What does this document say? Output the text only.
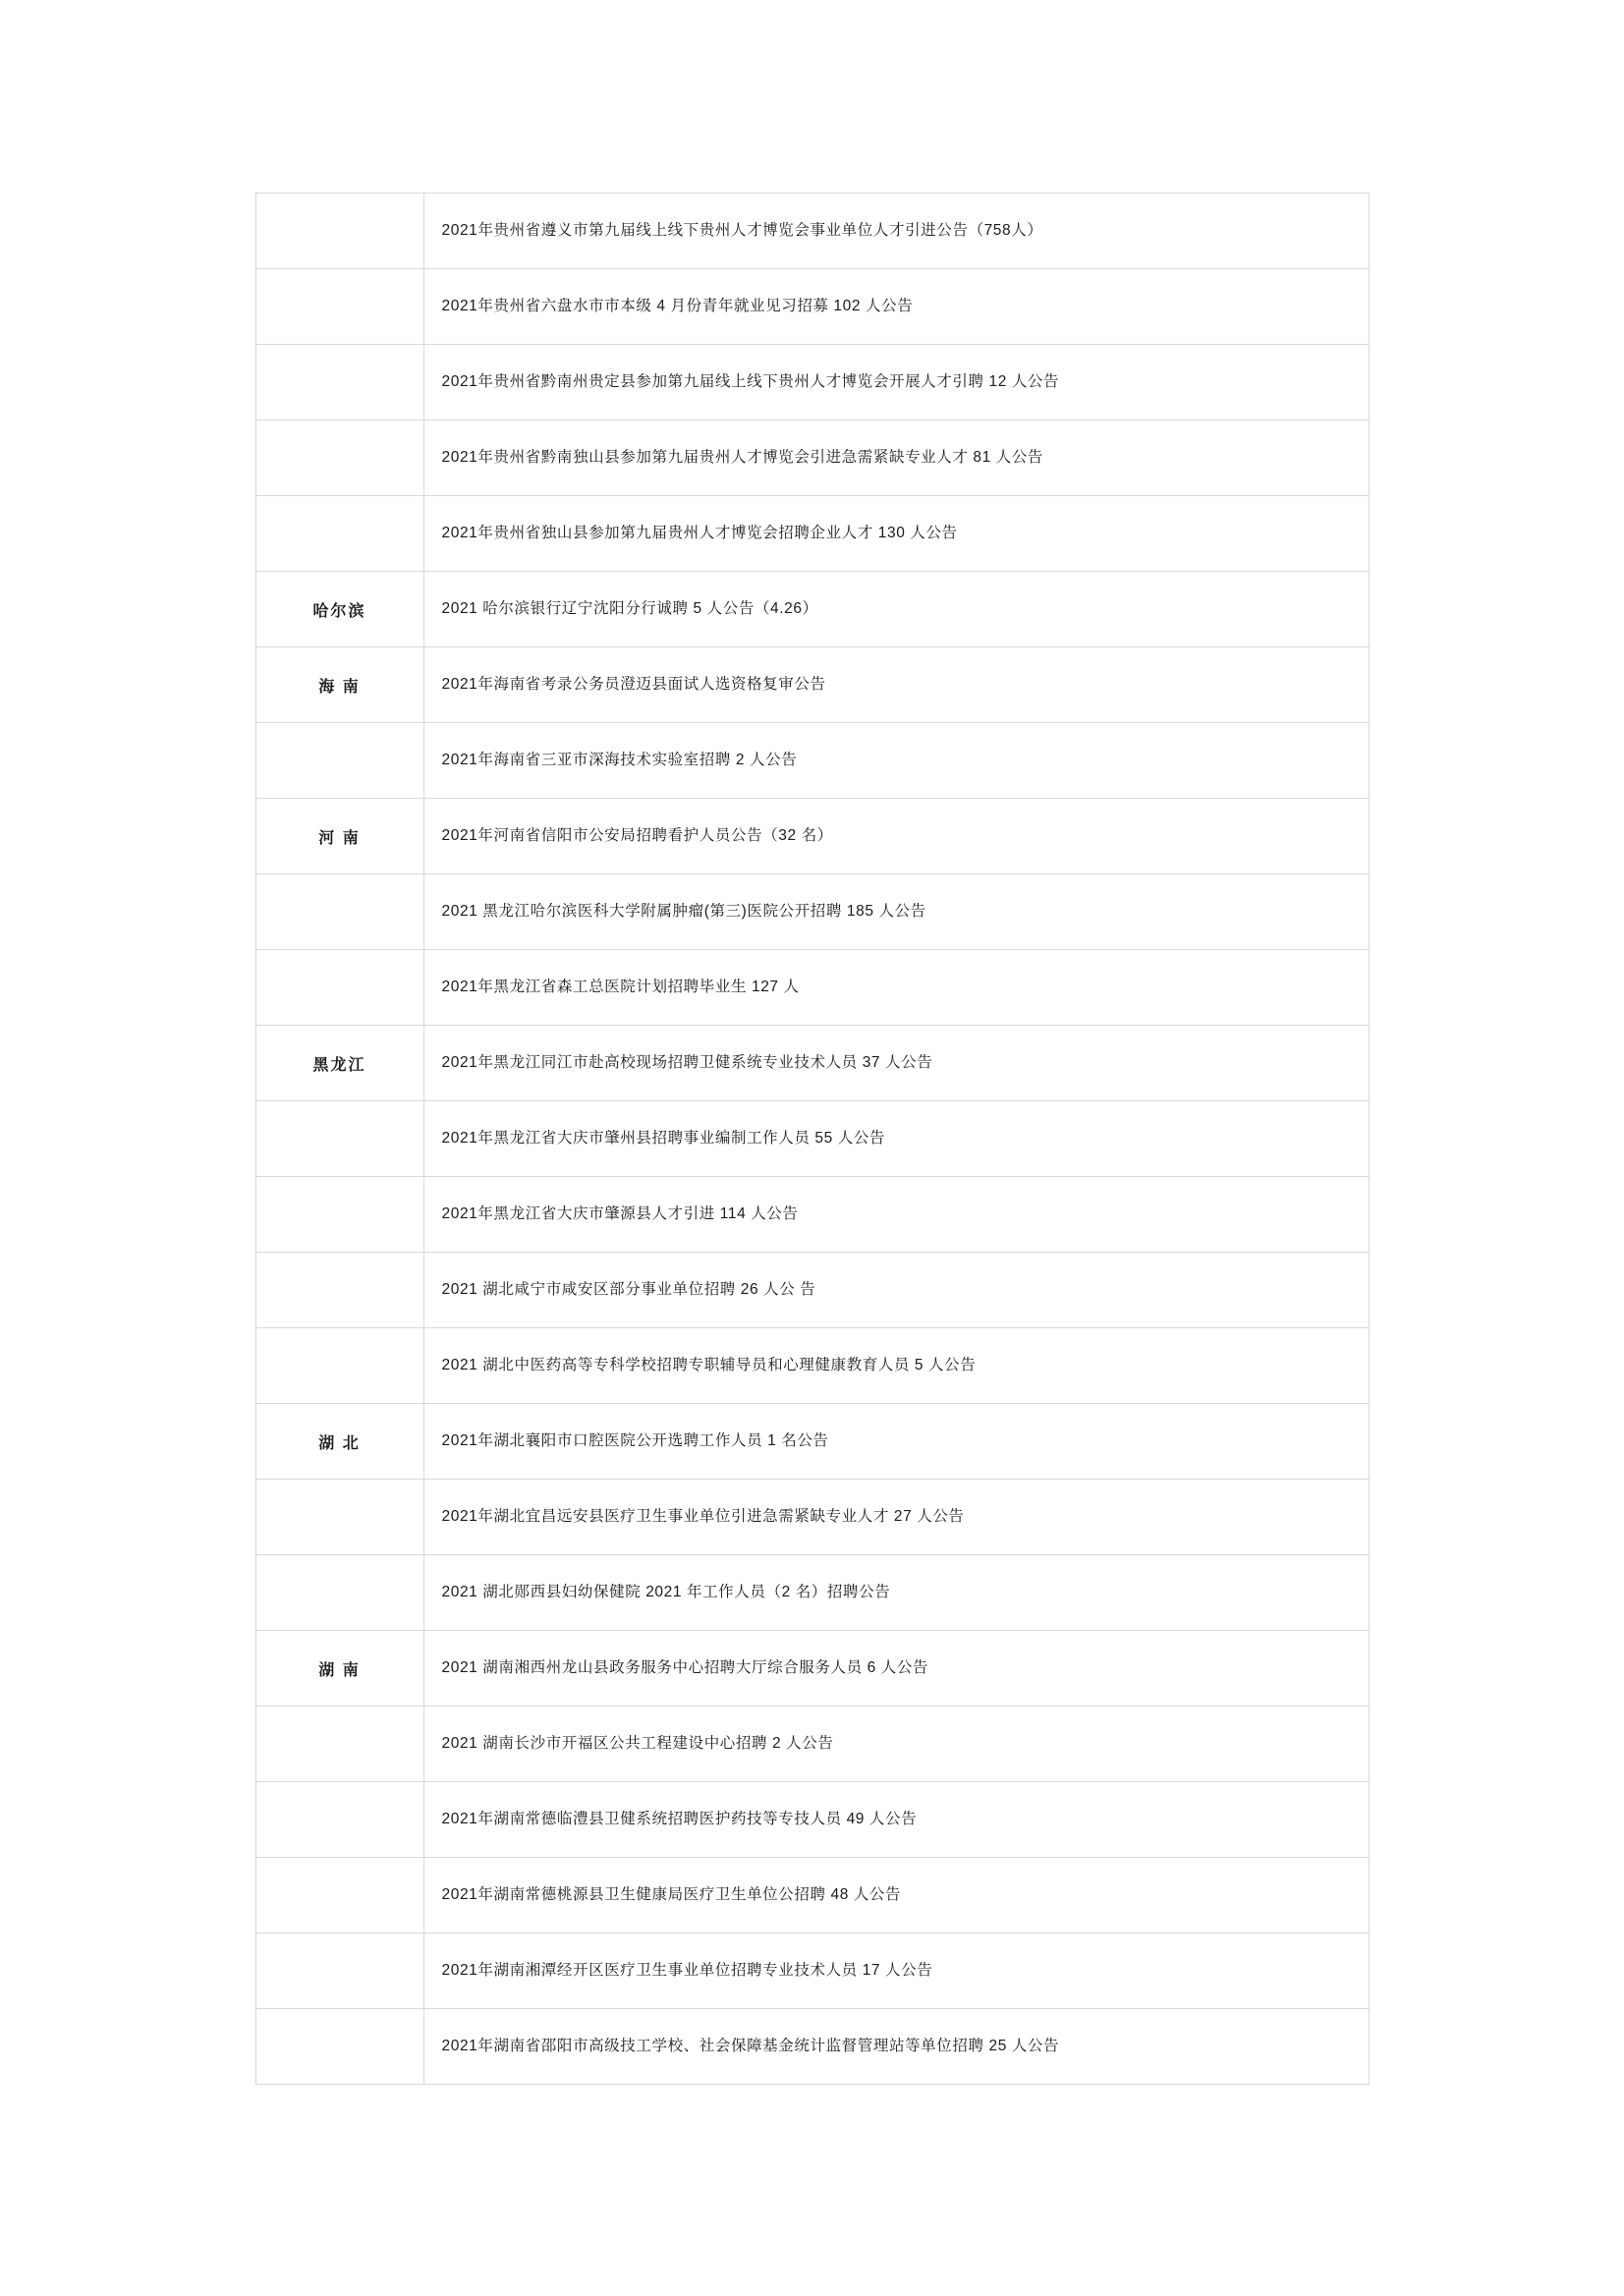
	2021年贵州省遵义市第九届线上线下贵州人才博览会事业单位人才引进公告（758人）

	2021年贵州省六盘水市市本级 4 月份青年就业见习招募 102 人公告

	2021年贵州省黔南州贵定县参加第九届线上线下贵州人才博览会开展人才引聘 12 人公告

	2021年贵州省黔南独山县参加第九届贵州人才博览会引进急需紧缺专业人才 81 人公告

	2021年贵州省独山县参加第九届贵州人才博览会招聘企业人才 130 人公告

哈尔滨	2021 哈尔滨银行辽宁沈阳分行诚聘 5 人公告（4.26）

海 南	2021年海南省考录公务员澄迈县面试人选资格复审公告

	2021年海南省三亚市深海技术实验室招聘 2 人公告

河 南	2021年河南省信阳市公安局招聘看护人员公告（32 名）

	2021 黑龙江哈尔滨医科大学附属肿瘤(第三)医院公开招聘 185 人公告

	2021年黑龙江省森工总医院计划招聘毕业生 127 人

黑龙江	2021年黑龙江同江市赴高校现场招聘卫健系统专业技术人员 37 人公告

	2021年黑龙江省大庆市肇州县招聘事业编制工作人员 55 人公告

	2021年黑龙江省大庆市肇源县人才引进 114 人公告

	2021 湖北咸宁市咸安区部分事业单位招聘 26 人公 告

	2021 湖北中医药高等专科学校招聘专职辅导员和心理健康教育人员 5 人公告

湖 北	2021年湖北襄阳市口腔医院公开选聘工作人员 1 名公告

	2021年湖北宜昌远安县医疗卫生事业单位引进急需紧缺专业人才 27 人公告

	2021 湖北郧西县妇幼保健院 2021 年工作人员（2 名）招聘公告

湖 南	2021 湖南湘西州龙山县政务服务中心招聘大厅综合服务人员 6 人公告

	2021 湖南长沙市开福区公共工程建设中心招聘 2 人公告

	2021年湖南常德临澧县卫健系统招聘医护药技等专技人员 49 人公告

	2021年湖南常德桃源县卫生健康局医疗卫生单位公招聘 48 人公告

	2021年湖南湘潭经开区医疗卫生事业单位招聘专业技术人员 17 人公告

	2021年湖南省邵阳市高级技工学校、社会保障基金统计监督管理站等单位招聘 25 人公告
